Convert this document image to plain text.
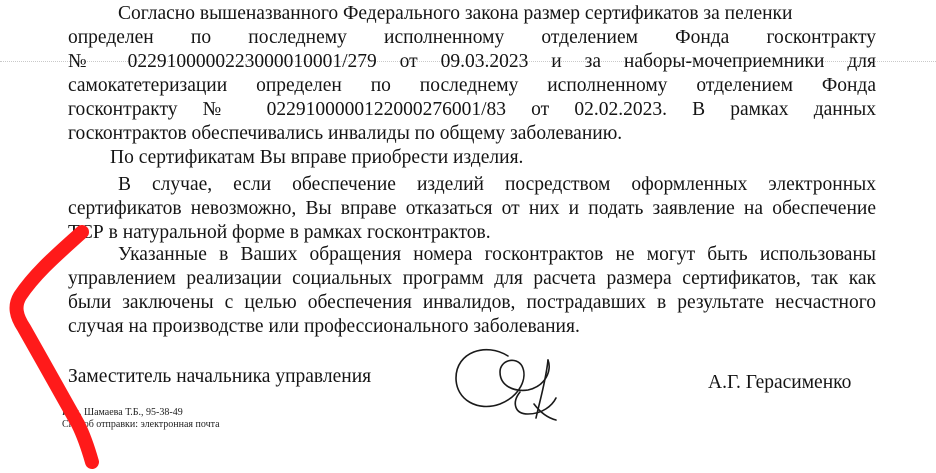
Согласно вышеназванного Федерального закона размер сертификатов за пеленки
определен по последнему исполненному отделением Фонда госконтракту
№ 0229100000223000010001/279 от 09.03.2023 и за наборы-мочеприемники для
самокатетеризации определен по последнему исполненному отделением Фонда
госконтракту № 0229100000122000276001/83 от 02.02.2023. В рамках данных
госконтрактов обеспечивались инвалиды по общему заболеванию.
По сертификатам Вы вправе приобрести изделия.
В случае, если обеспечение изделий посредством оформленных электронных
сертификатов невозможно, Вы вправе отказаться от них и подать заявление на обеспечение
ТСР в натуральной форме в рамках госконтрактов.
Указанные в Ваших обращения номера госконтрактов не могут быть использованы
управлением реализации социальных программ для расчета размера сертификатов, так как
были заключены с целью обеспечения инвалидов, пострадавших в результате несчастного
случая на производстве или профессионального заболевания.
Заместитель начальника управления	А.Г. Герасименко
Исп. Шамаева Т.Б., 95-38-49
Способ отправки: электронная почта
